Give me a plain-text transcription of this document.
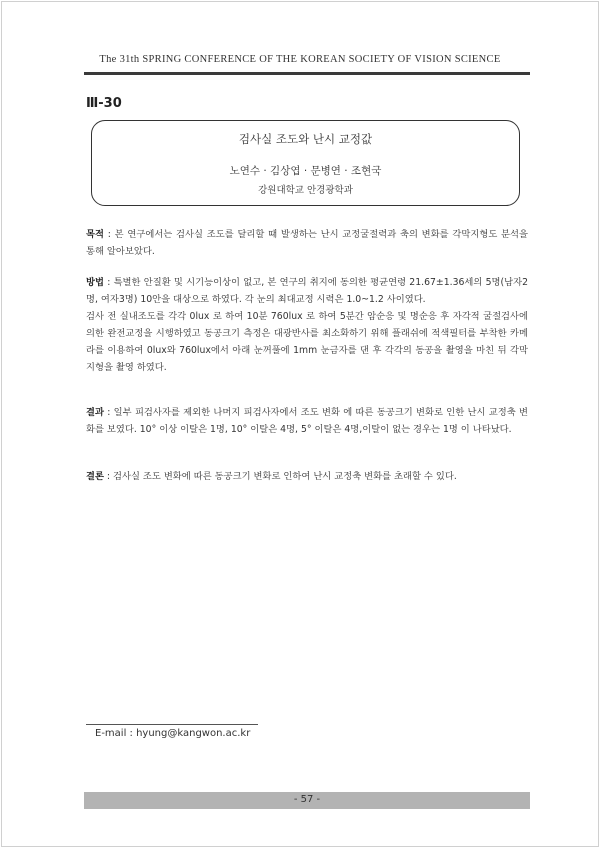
The 31th SPRING CONFERENCE OF THE KOREAN SOCIETY OF VISION SCIENCE
Ⅲ-30
검사실 조도와 난시 교정값
노연수 · 김상엽 · 문병연 · 조현국
강원대학교 안경광학과
목적 : 본 연구에서는 검사실 조도를 달리할 때 발생하는 난시 교정굴절력과 축의 변화를 각막지형도 분석을 통해 알아보았다.
방법 : 특별한 안질환 및 시기능이상이 없고, 본 연구의 취지에 동의한 평균연령 21.67±1.36세의 5명(남자2명, 여자3명) 10안을 대상으로 하였다. 각 눈의 최대교정 시력은 1.0~1.2 사이였다.
검사 전 실내조도를 각각 0lux 로 하여 10분 760lux 로 하여 5분간 암순응 및 명순응 후 자각적 굴절검사에 의한 완전교정을 시행하였고 동공크기 측정은 대광반사를 최소화하기 위해 플래쉬에 적색필터를 부착한 카메라를 이용하여 0lux와 760lux에서 아래 눈꺼풀에 1mm 눈금자를 댄 후 각각의 동공을 촬영을 마친 뒤 각막지형을 촬영 하였다.
결과 : 일부 피검사자를 제외한 나머지 피검사자에서 조도 변화 에 따른 동공크기 변화로 인한 난시 교정축 변화를 보였다. 10° 이상 이탈은 1명, 10° 이탈은 4명, 5° 이탈은 4명,이탈이 없는 경우는 1명 이 나타났다.
결론 : 검사실 조도 변화에 따른 동공크기 변화로 인하여 난시 교정축 변화를 초래할 수 있다.
E-mail : hyung@kangwon.ac.kr
- 57 -
